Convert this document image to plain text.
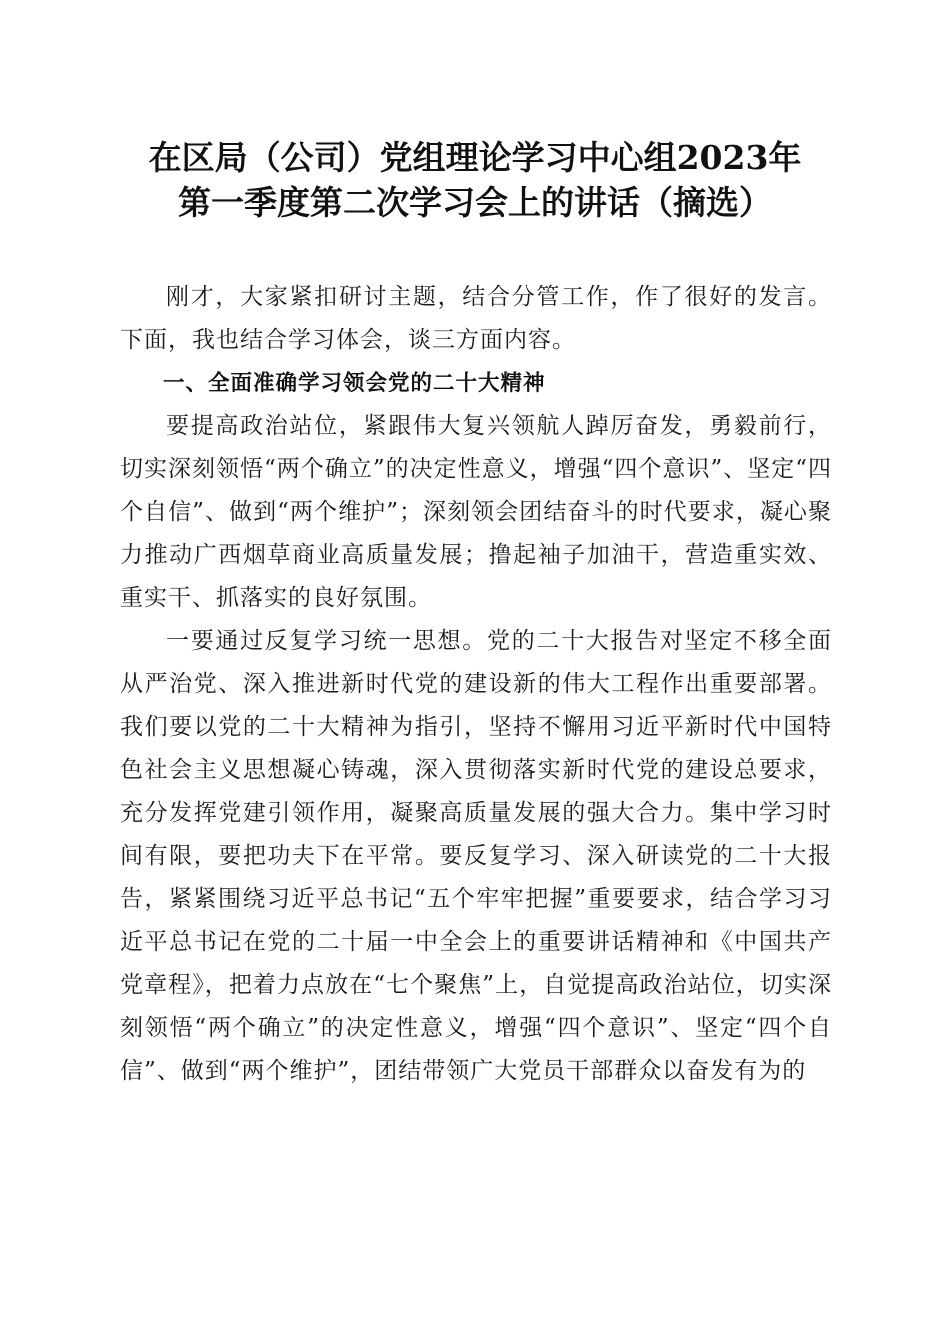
在区局（公司）党组理论学习中心组2023年
第一季度第二次学习会上的讲话（摘选）

刚才，大家紧扣研讨主题，结合分管工作，作了很好的发言。下面，我也结合学习体会，谈三方面内容。

一、全面准确学习领会党的二十大精神

要提高政治站位，紧跟伟大复兴领航人踔厉奋发，勇毅前行，切实深刻领悟“两个确立”的决定性意义，增强“四个意识”、坚定“四个自信”、做到“两个维护”；深刻领会团结奋斗的时代要求，凝心聚力推动广西烟草商业高质量发展；撸起袖子加油干，营造重实效、重实干、抓落实的良好氛围。

一要通过反复学习统一思想。党的二十大报告对坚定不移全面从严治党、深入推进新时代党的建设新的伟大工程作出重要部署。我们要以党的二十大精神为指引，坚持不懈用习近平新时代中国特色社会主义思想凝心铸魂，深入贯彻落实新时代党的建设总要求，充分发挥党建引领作用，凝聚高质量发展的强大合力。集中学习时间有限，要把功夫下在平常。要反复学习、深入研读党的二十大报告，紧紧围绕习近平总书记“五个牢牢把握”重要要求，结合学习习近平总书记在党的二十届一中全会上的重要讲话精神和《中国共产党章程》，把着力点放在“七个聚焦”上，自觉提高政治站位，切实深刻领悟“两个确立”的决定性意义，增强“四个意识”、坚定“四个自信”、做到“两个维护”，团结带领广大党员干部群众以奋发有为的
